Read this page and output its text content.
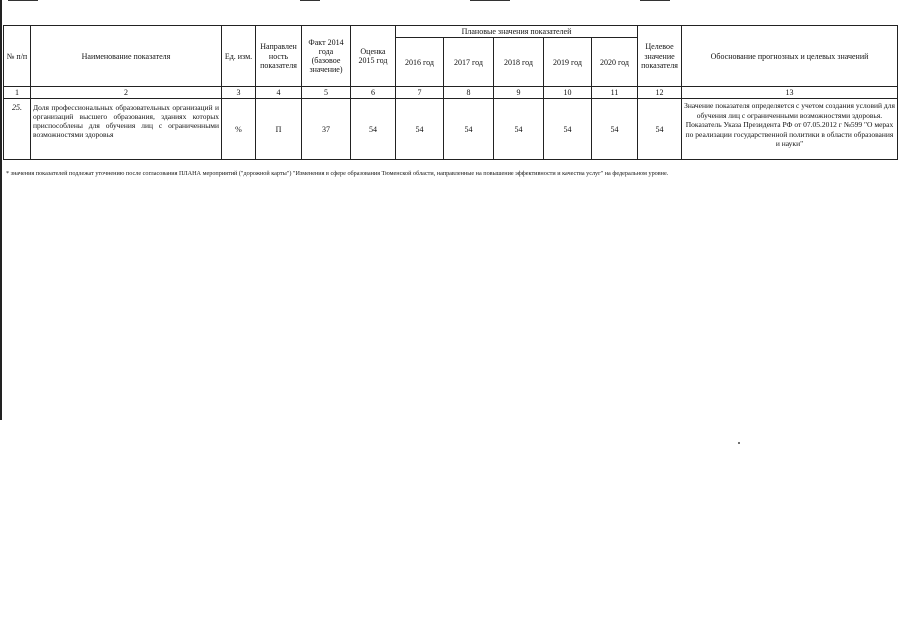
№ п/п	Наименование показателя	Ед. изм.	Направлен ность показателя	Факт 2014 года (базовое значение)	Оценка 2015 год	Плановые значения показателей					Целевое значение показателя	Обоснование прогнозных и целевых значений
						2016 год	2017 год	2018 год	2019 год	2020 год		
1	2	3	4	5	6	7	8	9	10	11	12	13
25.	Доля профессиональных образовательных организаций и организаций высшего образования, зданиях которых приспособлены для обучения лиц с ограниченными возможностями здоровья	%	П	37	54	54	54	54	54	54	54	Значение показателя определяется с учетом создания условий для обучения лиц с ограниченными возможностями здоровья. Показатель Указа Президента РФ от 07.05.2012 г №599 "О мерах по реализации государственной политики в области образования и науки"
* значения показателей подлежат уточнению после согласования ПЛАНА мероприятий ("дорожной карты") "Изменения в сфере образования Тюменской области, направленные на повышение эффективности и качества услуг" на федеральном уровне.
